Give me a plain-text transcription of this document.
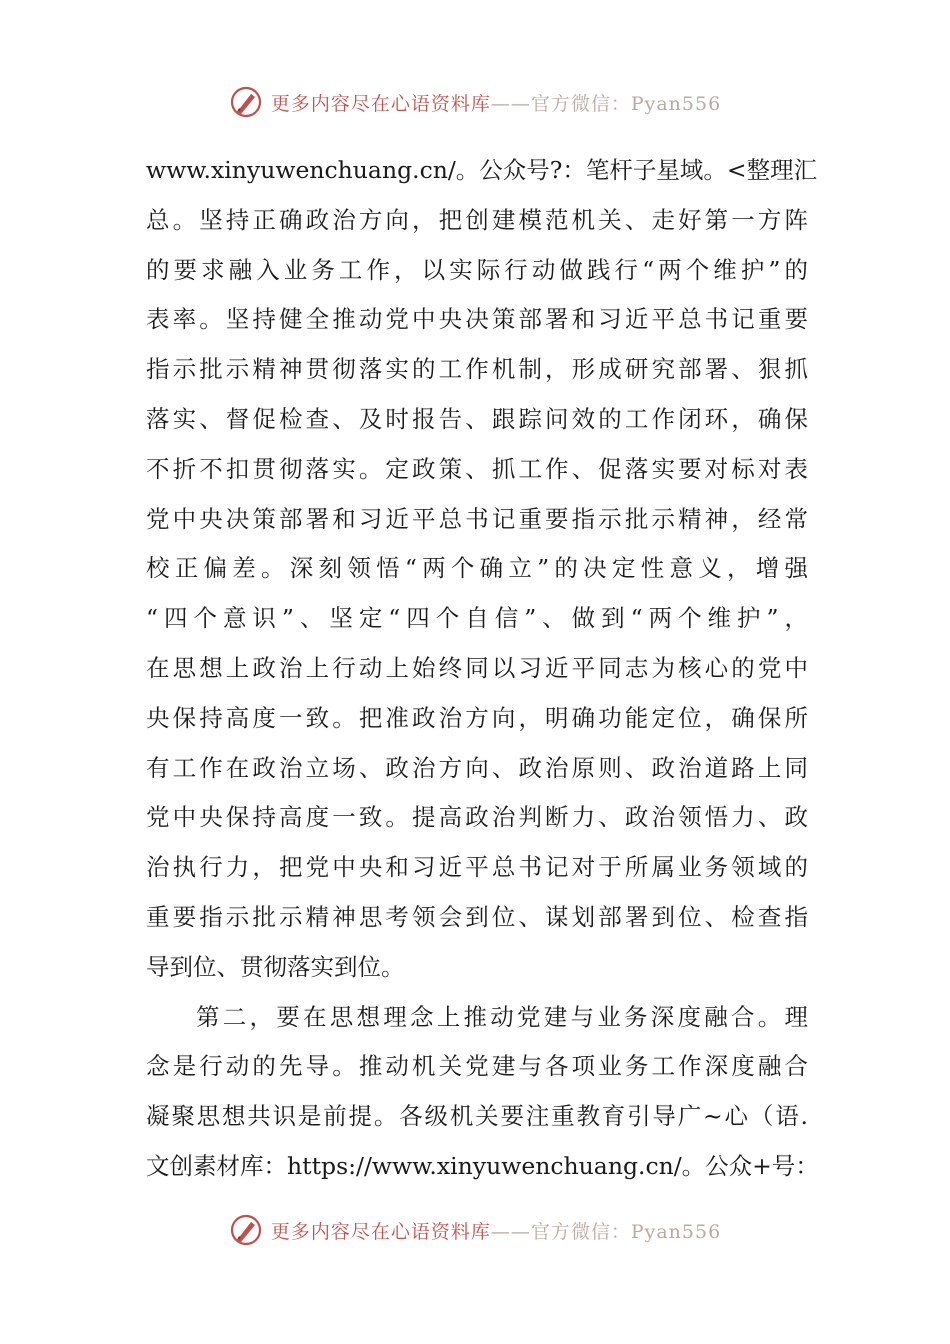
更多内容尽在心语资料库——官方微信：Pyan556
www.xinyuwenchuang.cn/。公众号?：笔杆子星域。<整理汇
总。坚持正确政治方向，把创建模范机关、走好第一方阵
的要求融入业务工作，以实际行动做践行“两个维护”的
表率。坚持健全推动党中央决策部署和习近平总书记重要
指示批示精神贯彻落实的工作机制，形成研究部署、狠抓
落实、督促检查、及时报告、跟踪问效的工作闭环，确保
不折不扣贯彻落实。定政策、抓工作、促落实要对标对表
党中央决策部署和习近平总书记重要指示批示精神，经常
校正偏差。深刻领悟“两个确立”的决定性意义，增强
“四个意识”、坚定“四个自信”、做到“两个维护”，
在思想上政治上行动上始终同以习近平同志为核心的党中
央保持高度一致。把准政治方向，明确功能定位，确保所
有工作在政治立场、政治方向、政治原则、政治道路上同
党中央保持高度一致。提高政治判断力、政治领悟力、政
治执行力，把党中央和习近平总书记对于所属业务领域的
重要指示批示精神思考领会到位、谋划部署到位、检查指
导到位、贯彻落实到位。
第二，要在思想理念上推动党建与业务深度融合。理
念是行动的先导。推动机关党建与各项业务工作深度融合
凝聚思想共识是前提。各级机关要注重教育引导广~心（语.
文创素材库：https://www.xinyuwenchuang.cn/。公众+号：
更多内容尽在心语资料库——官方微信：Pyan556
